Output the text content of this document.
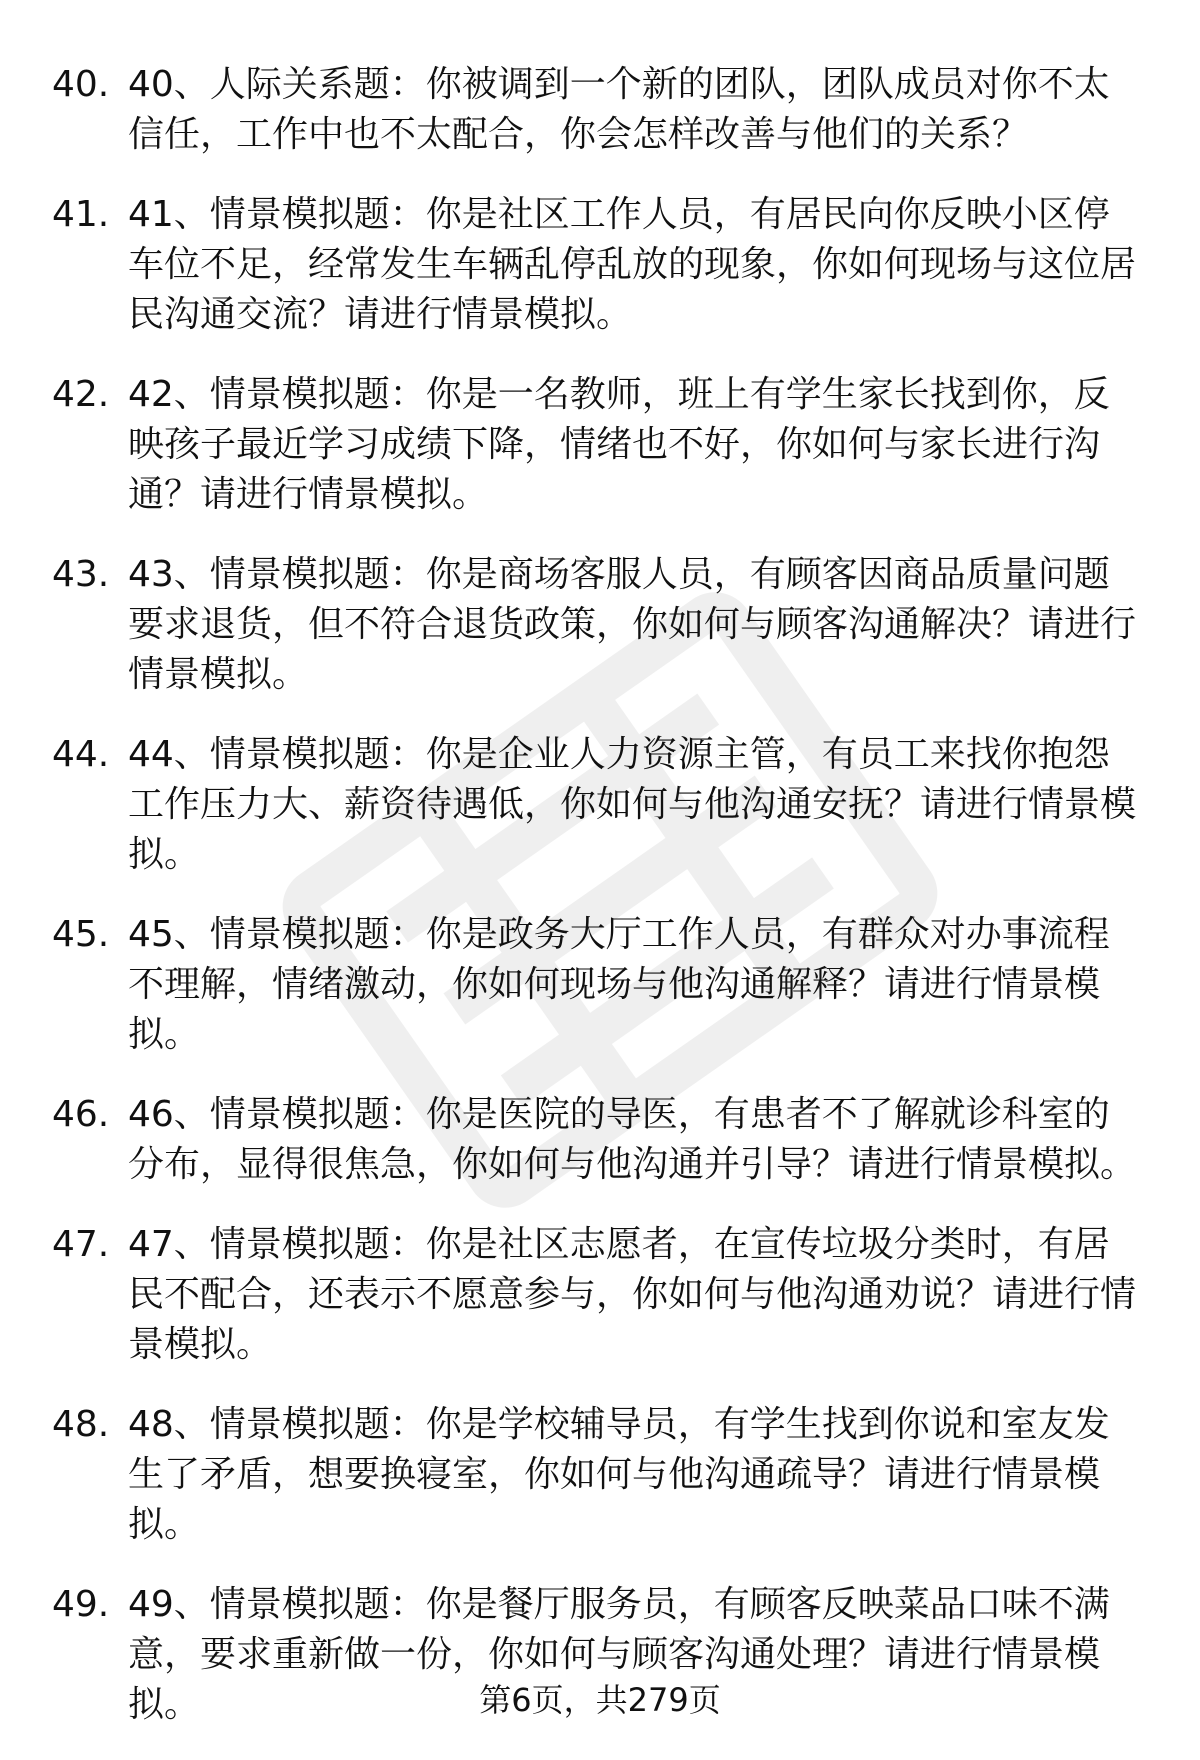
40. 40、人际关系题：你被调到一个新的团队，团队成员对你不太信任，工作中也不太配合，你会怎样改善与他们的关系？
41. 41、情景模拟题：你是社区工作人员，有居民向你反映小区停车位不足，经常发生车辆乱停乱放的现象，你如何现场与这位居民沟通交流？请进行情景模拟。
42. 42、情景模拟题：你是一名教师，班上有学生家长找到你，反映孩子最近学习成绩下降，情绪也不好，你如何与家长进行沟通？请进行情景模拟。
43. 43、情景模拟题：你是商场客服人员，有顾客因商品质量问题要求退货，但不符合退货政策，你如何与顾客沟通解决？请进行情景模拟。
44. 44、情景模拟题：你是企业人力资源主管，有员工来找你抱怨工作压力大、薪资待遇低，你如何与他沟通安抚？请进行情景模拟。
45. 45、情景模拟题：你是政务大厅工作人员，有群众对办事流程不理解，情绪激动，你如何现场与他沟通解释？请进行情景模拟。
46. 46、情景模拟题：你是医院的导医，有患者不了解就诊科室的分布，显得很焦急，你如何与他沟通并引导？请进行情景模拟。
47. 47、情景模拟题：你是社区志愿者，在宣传垃圾分类时，有居民不配合，还表示不愿意参与，你如何与他沟通劝说？请进行情景模拟。
48. 48、情景模拟题：你是学校辅导员，有学生找到你说和室友发生了矛盾，想要换寝室，你如何与他沟通疏导？请进行情景模拟。
49. 49、情景模拟题：你是餐厅服务员，有顾客反映菜品口味不满意，要求重新做一份，你如何与顾客沟通处理？请进行情景模拟。	第6页，共279页
